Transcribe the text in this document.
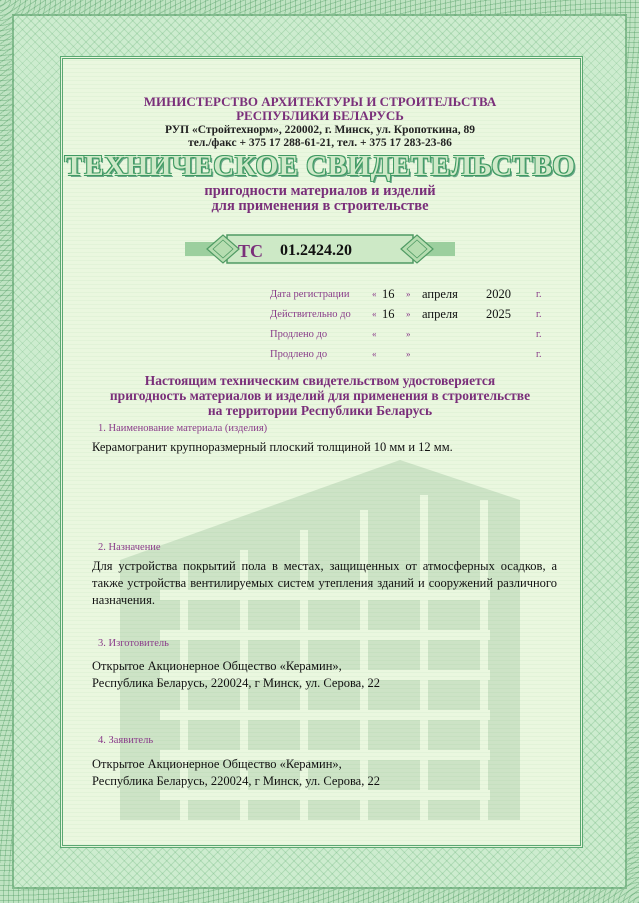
МИНИСТЕРСТВО АРХИТЕКТУРЫ И СТРОИТЕЛЬСТВА
РЕСПУБЛИКИ БЕЛАРУСЬ
РУП «Стройтехнорм», 220002, г. Минск, ул. Кропоткина, 89
тел./факс + 375 17 288-61-21, тел. + 375 17 283-23-86
ТЕХНИЧЕСКОЕ СВИДЕТЕЛЬСТВО
пригодности материалов и изделий
для применения в строительстве
ТС 01.2424.20
Дата регистрации « 16 » апреля 2020	г.
Действительно до « 16 » апреля 2025	г.
Продлено до	«	»	г.
Продлено до	«	»	г.
Настоящим техническим свидетельством удостоверяется
пригодность материалов и изделий для применения в строительстве
на территории Республики Беларусь
1. Наименование материала (изделия)
Керамогранит крупноразмерный плоский толщиной 10 мм и 12 мм.
2. Назначение
Для устройства покрытий пола в местах, защищенных от атмосферных осадков, а также устройства вентилируемых систем утепления зданий и сооружений различного назначения.
3. Изготовитель
Открытое Акционерное Общество «Керамин»,
Республика Беларусь, 220024, г Минск, ул. Серова, 22
4. Заявитель
Открытое Акционерное Общество «Керамин»,
Республика Беларусь, 220024, г Минск, ул. Серова, 22
